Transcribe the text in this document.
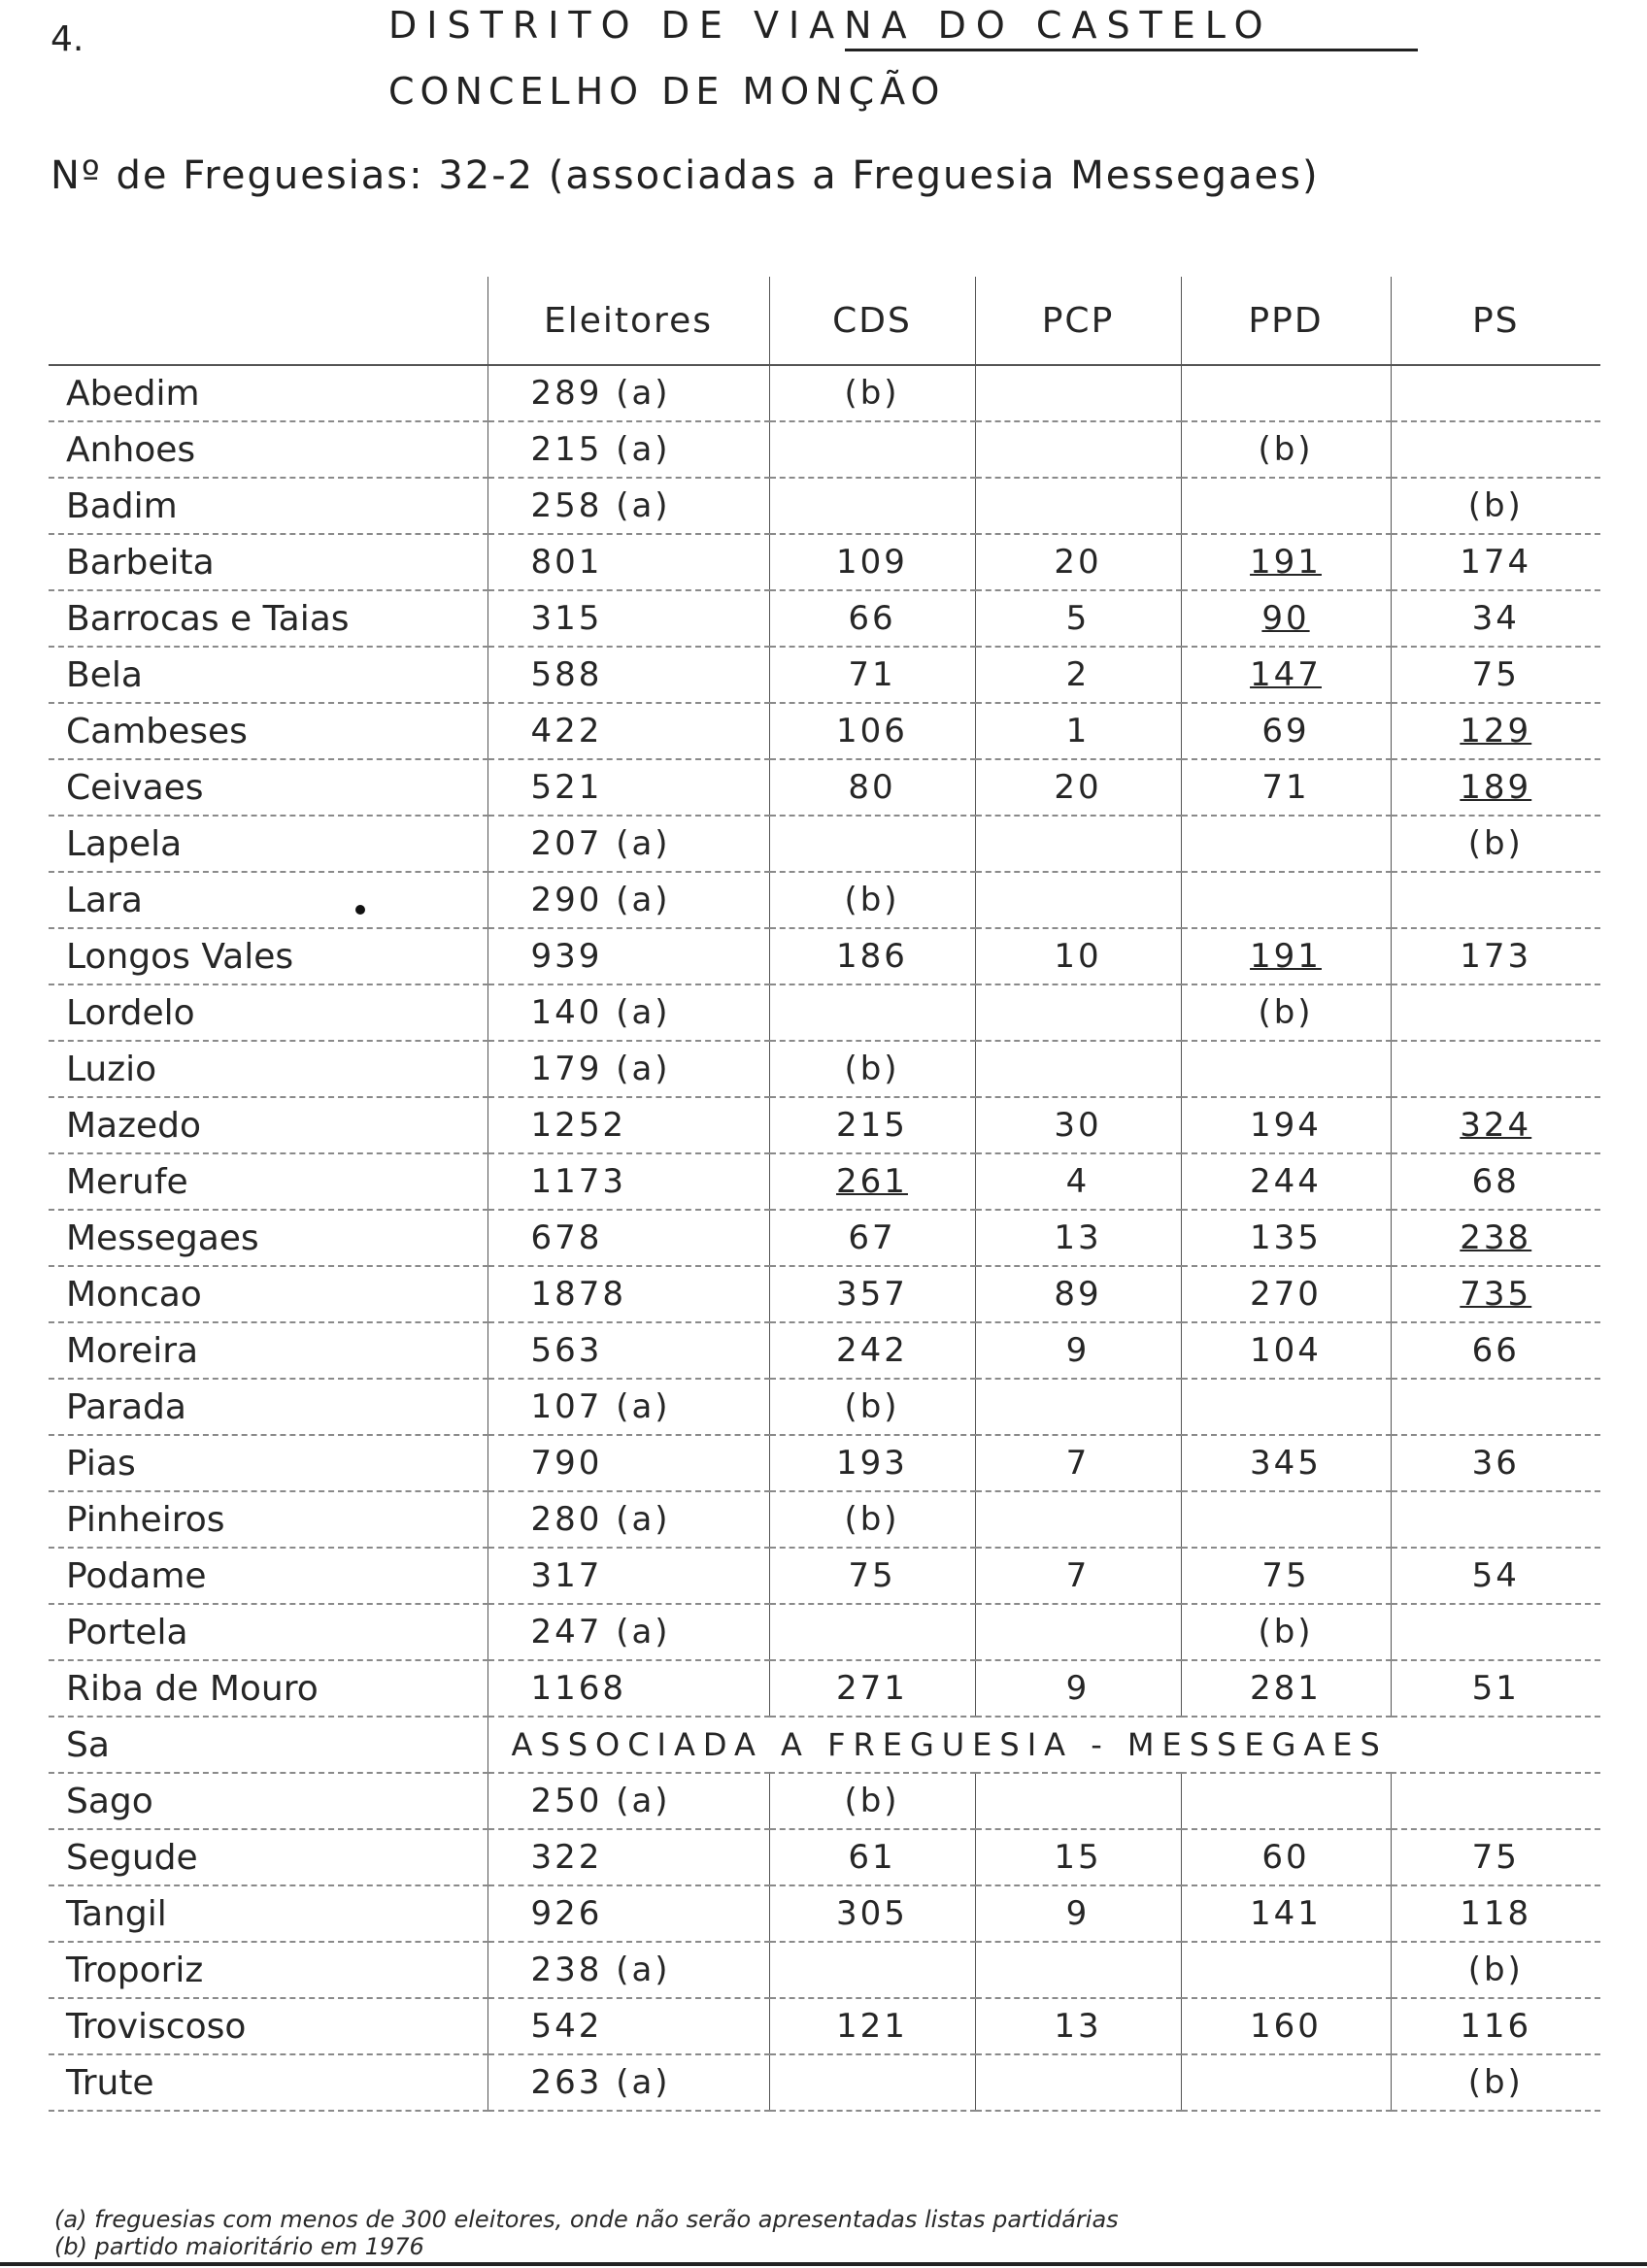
4.	DISTRITO DE VIANA DO CASTELO
CONCELHO DE MONÇÃO
Nº de Freguesias: 32-2 (associadas a Freguesia Messegaes)
	Eleitores	CDS	PCP	PPD	PS
Abedim	289 (a)	(b)			
Anhoes	215 (a)			(b)	
Badim	258 (a)				(b)
Barbeita	801	109	20	191	174
Barrocas e Taias	315	66	5	90	34
Bela	588	71	2	147	75
Cambeses	422	106	1	69	129
Ceivaes	521	80	20	71	189
Lapela	207 (a)				(b)
Lara	290 (a)	(b)			
Longos Vales	939	186	10	191	173
Lordelo	140 (a)			(b)	
Luzio	179 (a)	(b)			
Mazedo	1252	215	30	194	324
Merufe	1173	261	4	244	68
Messegaes	678	67	13	135	238
Moncao	1878	357	89	270	735
Moreira	563	242	9	104	66
Parada	107 (a)	(b)			
Pias	790	193	7	345	36
Pinheiros	280 (a)	(b)			
Podame	317	75	7	75	54
Portela	247 (a)			(b)	
Riba de Mouro	1168	271	9	281	51
Sa	ASSOCIADA A FREGUESIA - MESSEGAES				
Sago	250 (a)	(b)			
Segude	322	61	15	60	75
Tangil	926	305	9	141	118
Troporiz	238 (a)				(b)
Troviscoso	542	121	13	160	116
Trute	263 (a)				(b)
(a) freguesias com menos de 300 eleitores, onde não serão apresentadas listas partidárias
(b) partido maioritário em 1976
